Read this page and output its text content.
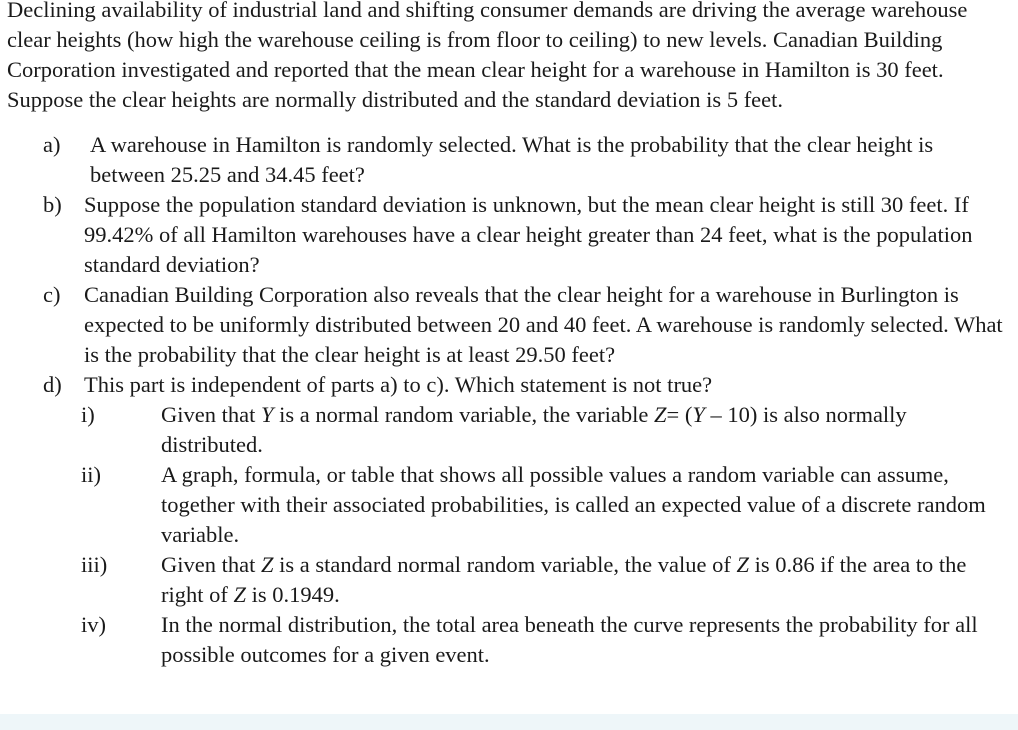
Declining availability of industrial land and shifting consumer demands are driving the average warehouse clear heights (how high the warehouse ceiling is from floor to ceiling) to new levels. Canadian Building Corporation investigated and reported that the mean clear height for a warehouse in Hamilton is 30 feet. Suppose the clear heights are normally distributed and the standard deviation is 5 feet.

a) A warehouse in Hamilton is randomly selected. What is the probability that the clear height is between 25.25 and 34.45 feet?
b) Suppose the population standard deviation is unknown, but the mean clear height is still 30 feet. If 99.42% of all Hamilton warehouses have a clear height greater than 24 feet, what is the population standard deviation?
c) Canadian Building Corporation also reveals that the clear height for a warehouse in Burlington is expected to be uniformly distributed between 20 and 40 feet. A warehouse is randomly selected. What is the probability that the clear height is at least 29.50 feet?
d) This part is independent of parts a) to c). Which statement is not true?
i)	Given that Y is a normal random variable, the variable Z= (Y – 10) is also normally distributed.
ii)	A graph, formula, or table that shows all possible values a random variable can assume, together with their associated probabilities, is called an expected value of a discrete random variable.
iii) Given that Z is a standard normal random variable, the value of Z is 0.86 if the area to the right of Z is 0.1949.
iv) In the normal distribution, the total area beneath the curve represents the probability for all possible outcomes for a given event.
